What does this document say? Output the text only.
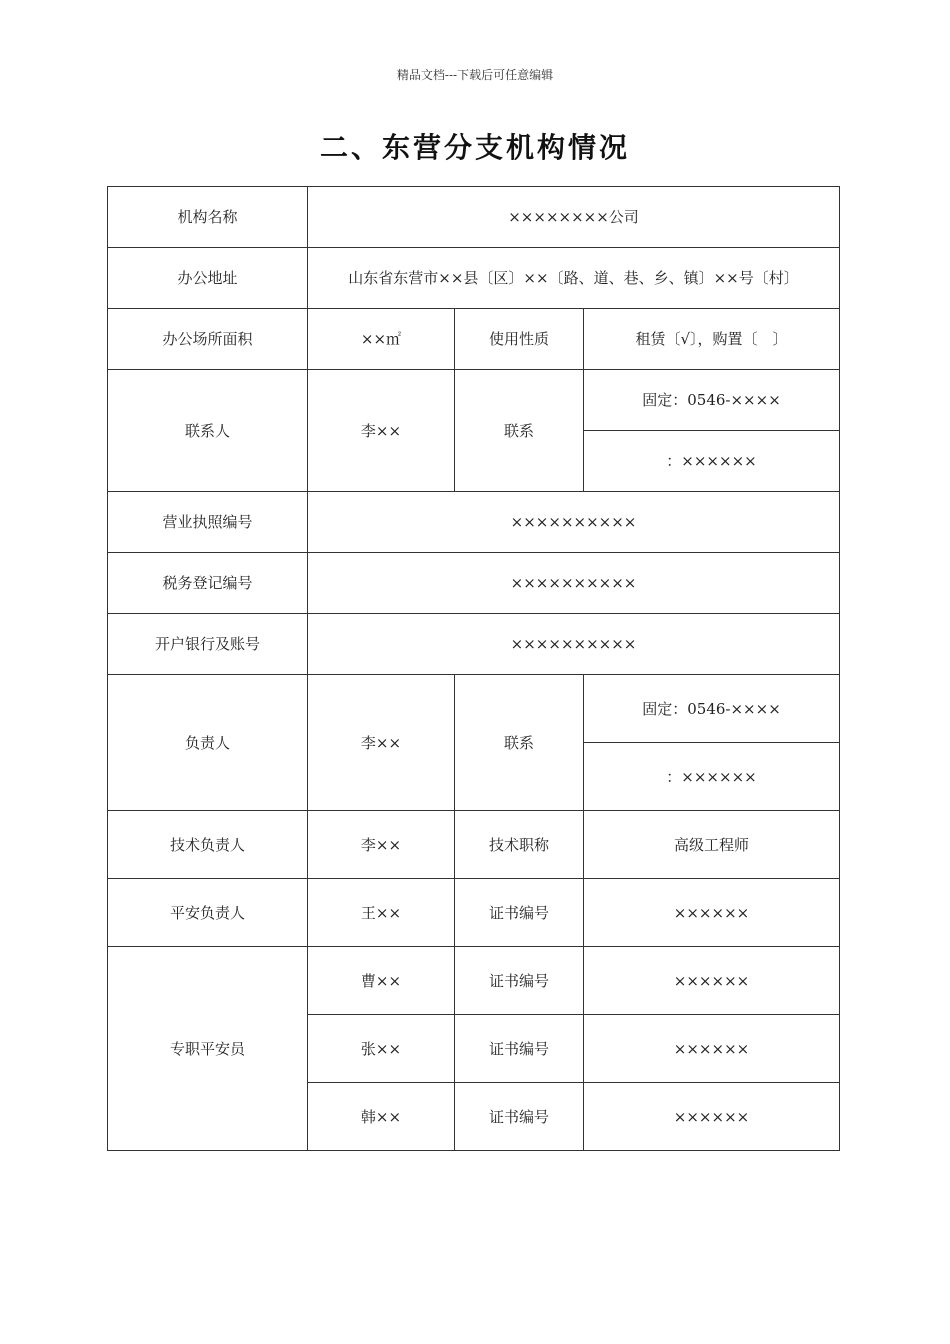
精品文档---下载后可任意编辑
二、东营分支机构情况
机构名称	××××××××公司		
办公地址	山东省东营市××县〔区〕××〔路、道、巷、乡、镇〕××号〔村〕		
办公场所面积	××㎡	使用性质	租赁〔√〕，购置〔　〕
联系人	李××	联系	固定：0546-××××
			：××××××
营业执照编号	××××××××××		
税务登记编号	××××××××××		
开户银行及账号	××××××××××		
负责人	李××	联系	固定：0546-××××
			：××××××
技术负责人	李××	技术职称	高级工程师
平安负责人	王××	证书编号	××××××
专职平安员	曹××	证书编号	××××××
	张××	证书编号	××××××
	韩××	证书编号	××××××
